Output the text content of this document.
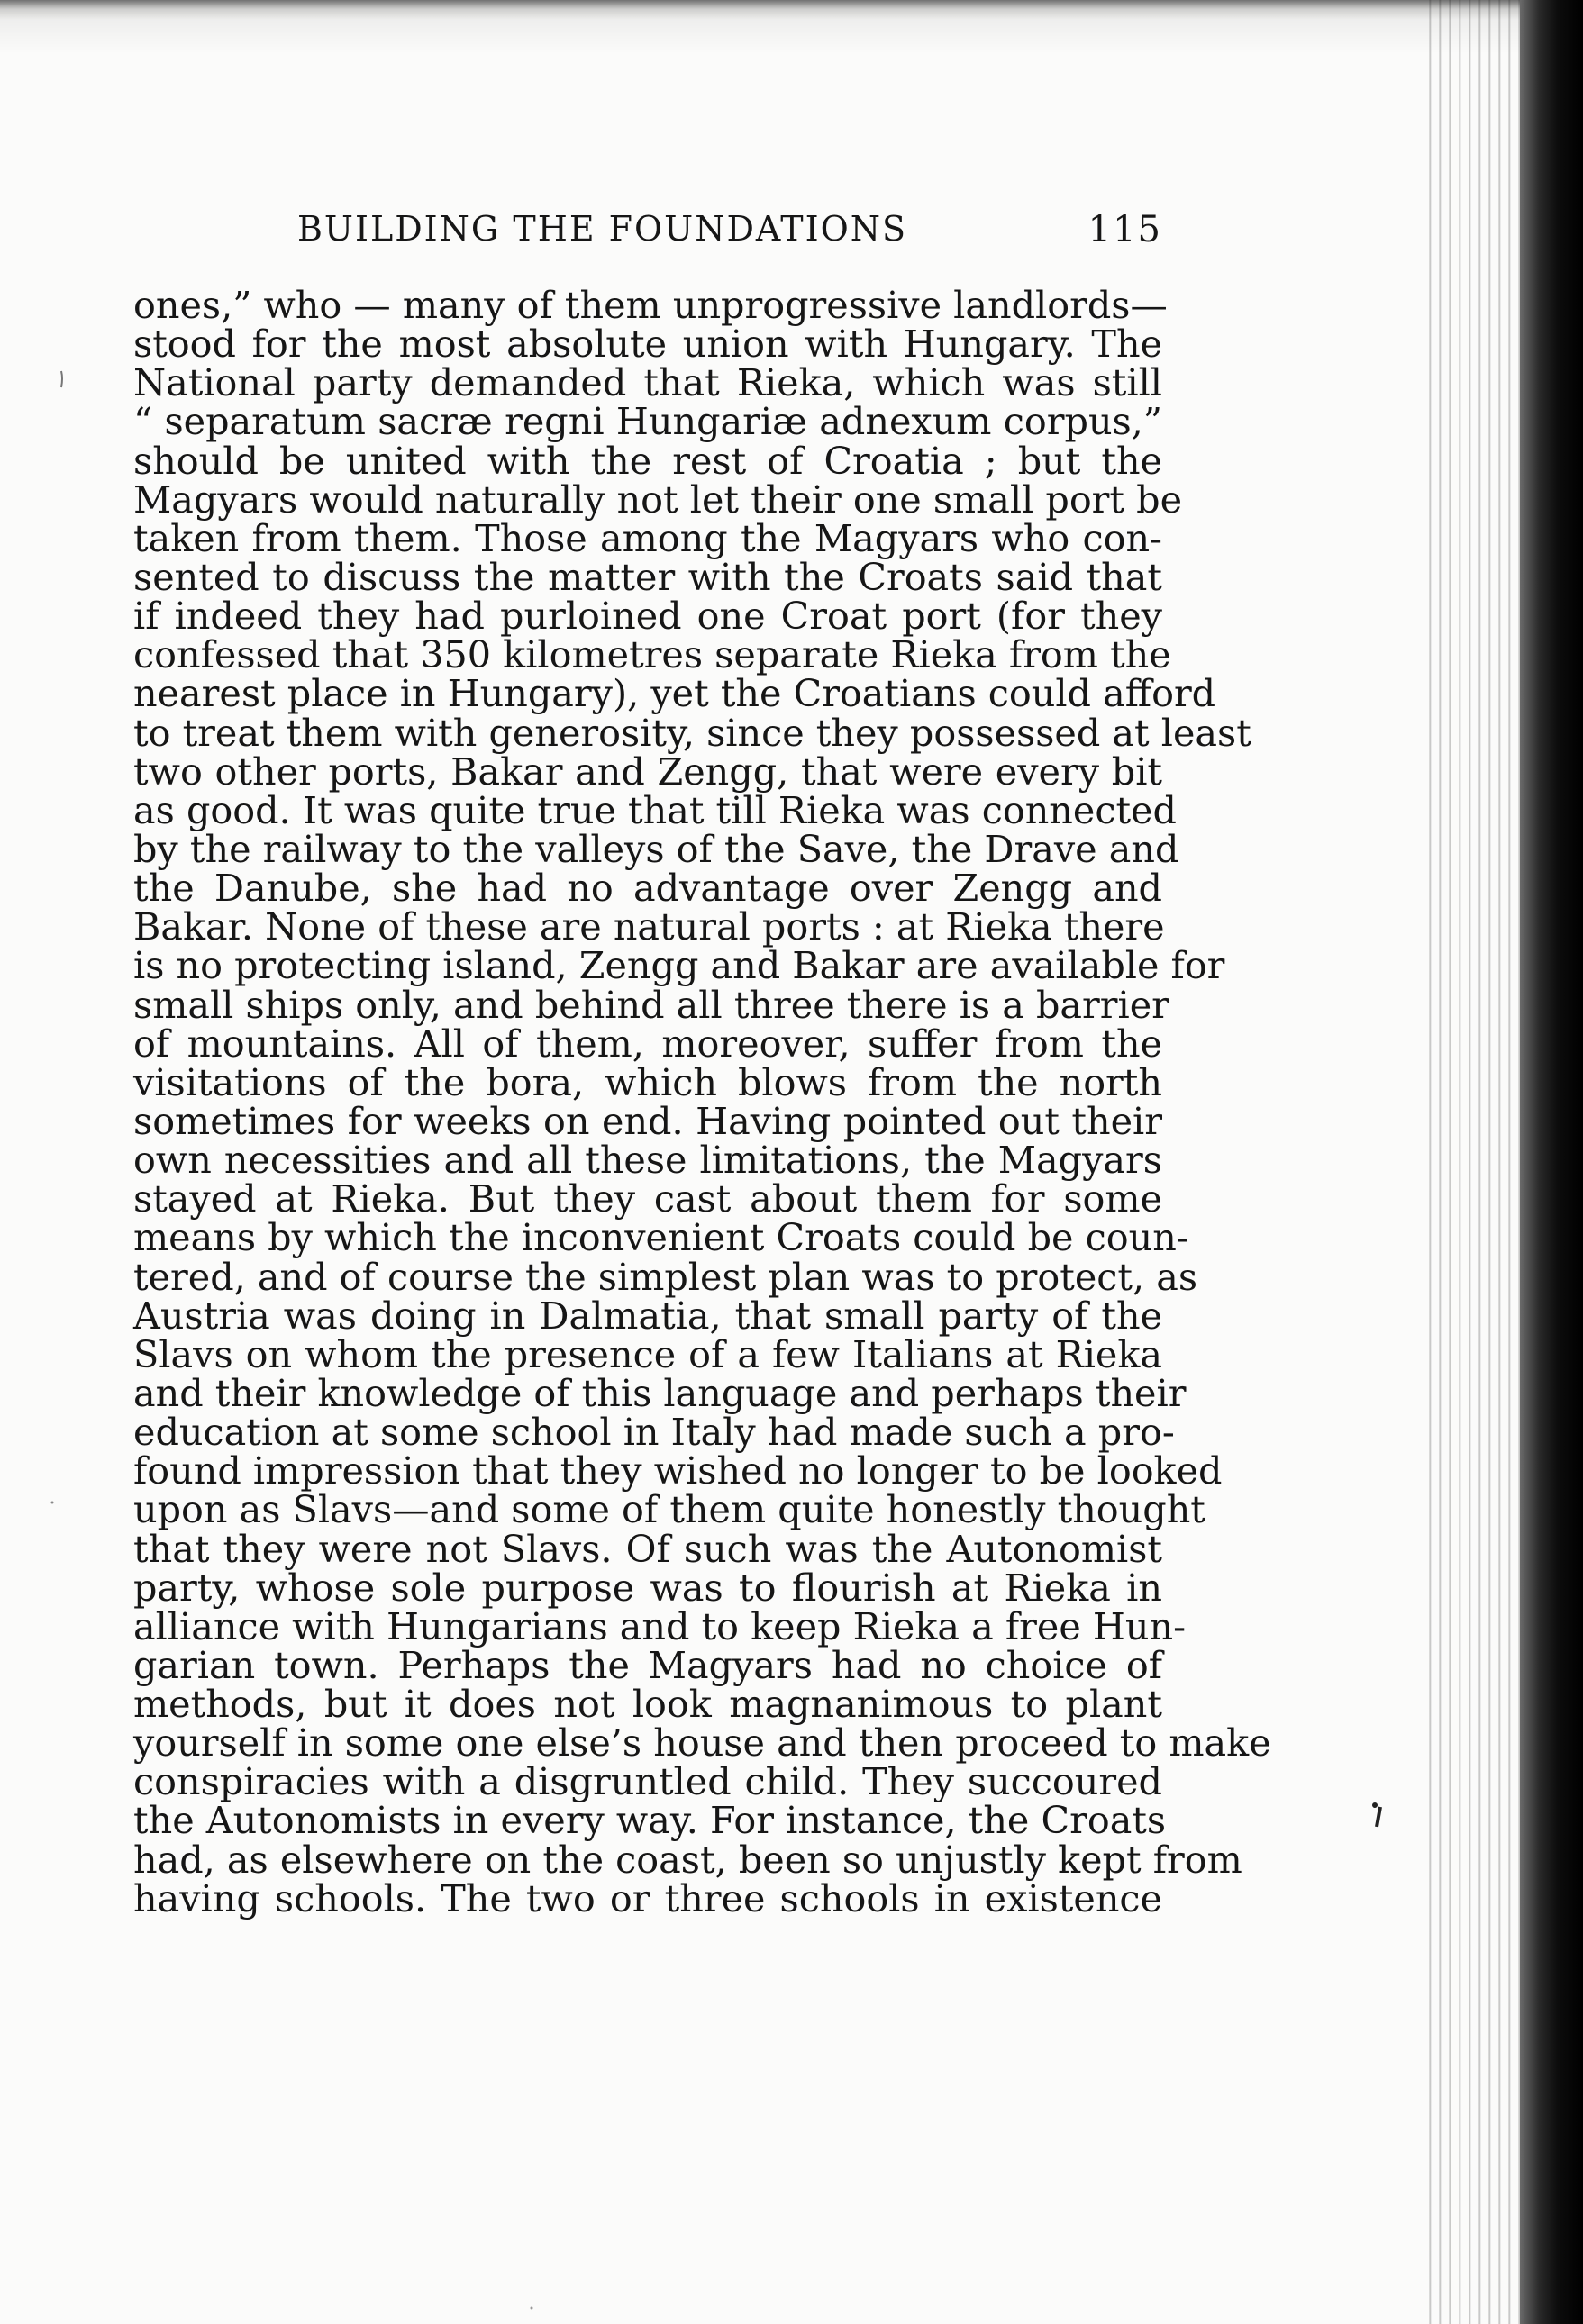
BUILDING THE FOUNDATIONS	115
ones,” who — many of them unprogressive landlords—
stood for the most absolute union with Hungary. The
National party demanded that Rieka, which was still
“ separatum sacræ regni Hungariæ adnexum corpus,”
should be united with the rest of Croatia ; but the
Magyars would naturally not let their one small port be
taken from them. Those among the Magyars who con-
sented to discuss the matter with the Croats said that
if indeed they had purloined one Croat port (for they
confessed that 350 kilometres separate Rieka from the
nearest place in Hungary), yet the Croatians could afford
to treat them with generosity, since they possessed at least
two other ports, Bakar and Zengg, that were every bit
as good. It was quite true that till Rieka was connected
by the railway to the valleys of the Save, the Drave and
the Danube, she had no advantage over Zengg and
Bakar. None of these are natural ports : at Rieka there
is no protecting island, Zengg and Bakar are available for
small ships only, and behind all three there is a barrier
of mountains. All of them, moreover, suffer from the
visitations of the bora, which blows from the north
sometimes for weeks on end. Having pointed out their
own necessities and all these limitations, the Magyars
stayed at Rieka. But they cast about them for some
means by which the inconvenient Croats could be coun-
tered, and of course the simplest plan was to protect, as
Austria was doing in Dalmatia, that small party of the
Slavs on whom the presence of a few Italians at Rieka
and their knowledge of this language and perhaps their
education at some school in Italy had made such a pro-
found impression that they wished no longer to be looked
upon as Slavs—and some of them quite honestly thought
that they were not Slavs. Of such was the Autonomist
party, whose sole purpose was to flourish at Rieka in
alliance with Hungarians and to keep Rieka a free Hun-
garian town. Perhaps the Magyars had no choice of
methods, but it does not look magnanimous to plant
yourself in some one else’s house and then proceed to make
conspiracies with a disgruntled child. They succoured
the Autonomists in every way. For instance, the Croats
had, as elsewhere on the coast, been so unjustly kept from
having schools. The two or three schools in existence
